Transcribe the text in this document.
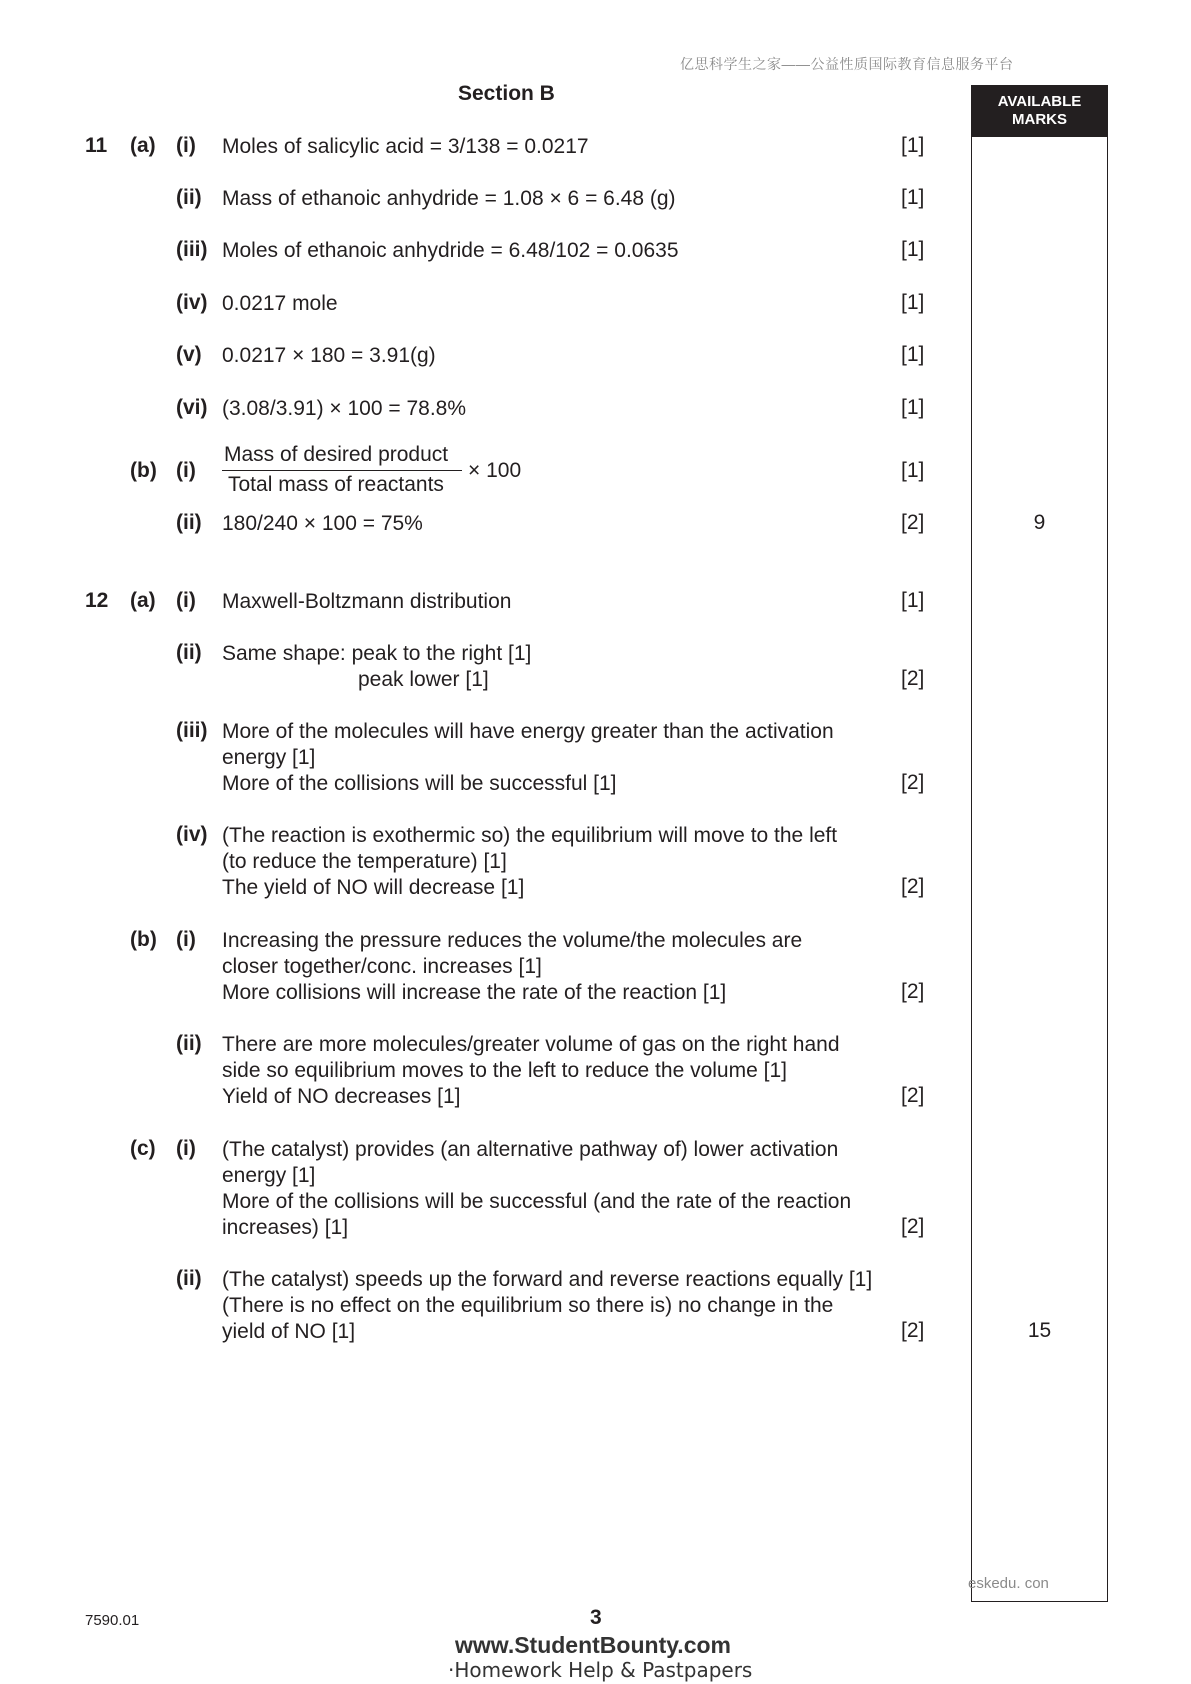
亿思科学生之家——公益性质国际教育信息服务平台
Section B	AVAILABLE
MARKS
11 (a) (i) Moles of salicylic acid = 3/138 = 0.0217	[1]
(ii) Mass of ethanoic anhydride = 1.08 × 6 = 6.48 (g)	[1]
(iii) Moles of ethanoic anhydride = 6.48/102 = 0.0635	[1]
(iv) 0.0217 mole	[1]
(v) 0.0217 × 180 = 3.91(g)	[1]
(vi) (3.08/3.91) × 100 = 78.8%	[1]
(b) (i)
Mass of desired product
Total mass of reactants
× 100	[1]
(ii) 180/240 × 100 = 75%	[2]	9
12 (a) (i) Maxwell-Boltzmann distribution	[1]
(ii) Same shape: peak to the right [1]
peak lower [1]	[2]
(iii) More of the molecules will have energy greater than the activation
energy [1]
More of the collisions will be successful [1]	[2]
(iv) (The reaction is exothermic so) the equilibrium will move to the left
(to reduce the temperature) [1]
The yield of NO will decrease [1]	[2]
(b) (i) Increasing the pressure reduces the volume/the molecules are
closer together/conc. increases [1]
More collisions will increase the rate of the reaction [1]	[2]
(ii) There are more molecules/greater volume of gas on the right hand
side so equilibrium moves to the left to reduce the volume [1]
Yield of NO decreases [1]	[2]
(c) (i) (The catalyst) provides (an alternative pathway of) lower activation
energy [1]
More of the collisions will be successful (and the rate of the reaction
increases) [1]	[2]
(ii) (The catalyst) speeds up the forward and reverse reactions equally [1]
(There is no effect on the equilibrium so there is) no change in the
yield of NO [1]	[2]	15
eskedu. con
7590.01	3
www.StudentBounty.com
·Homework Help & Pastpapers
